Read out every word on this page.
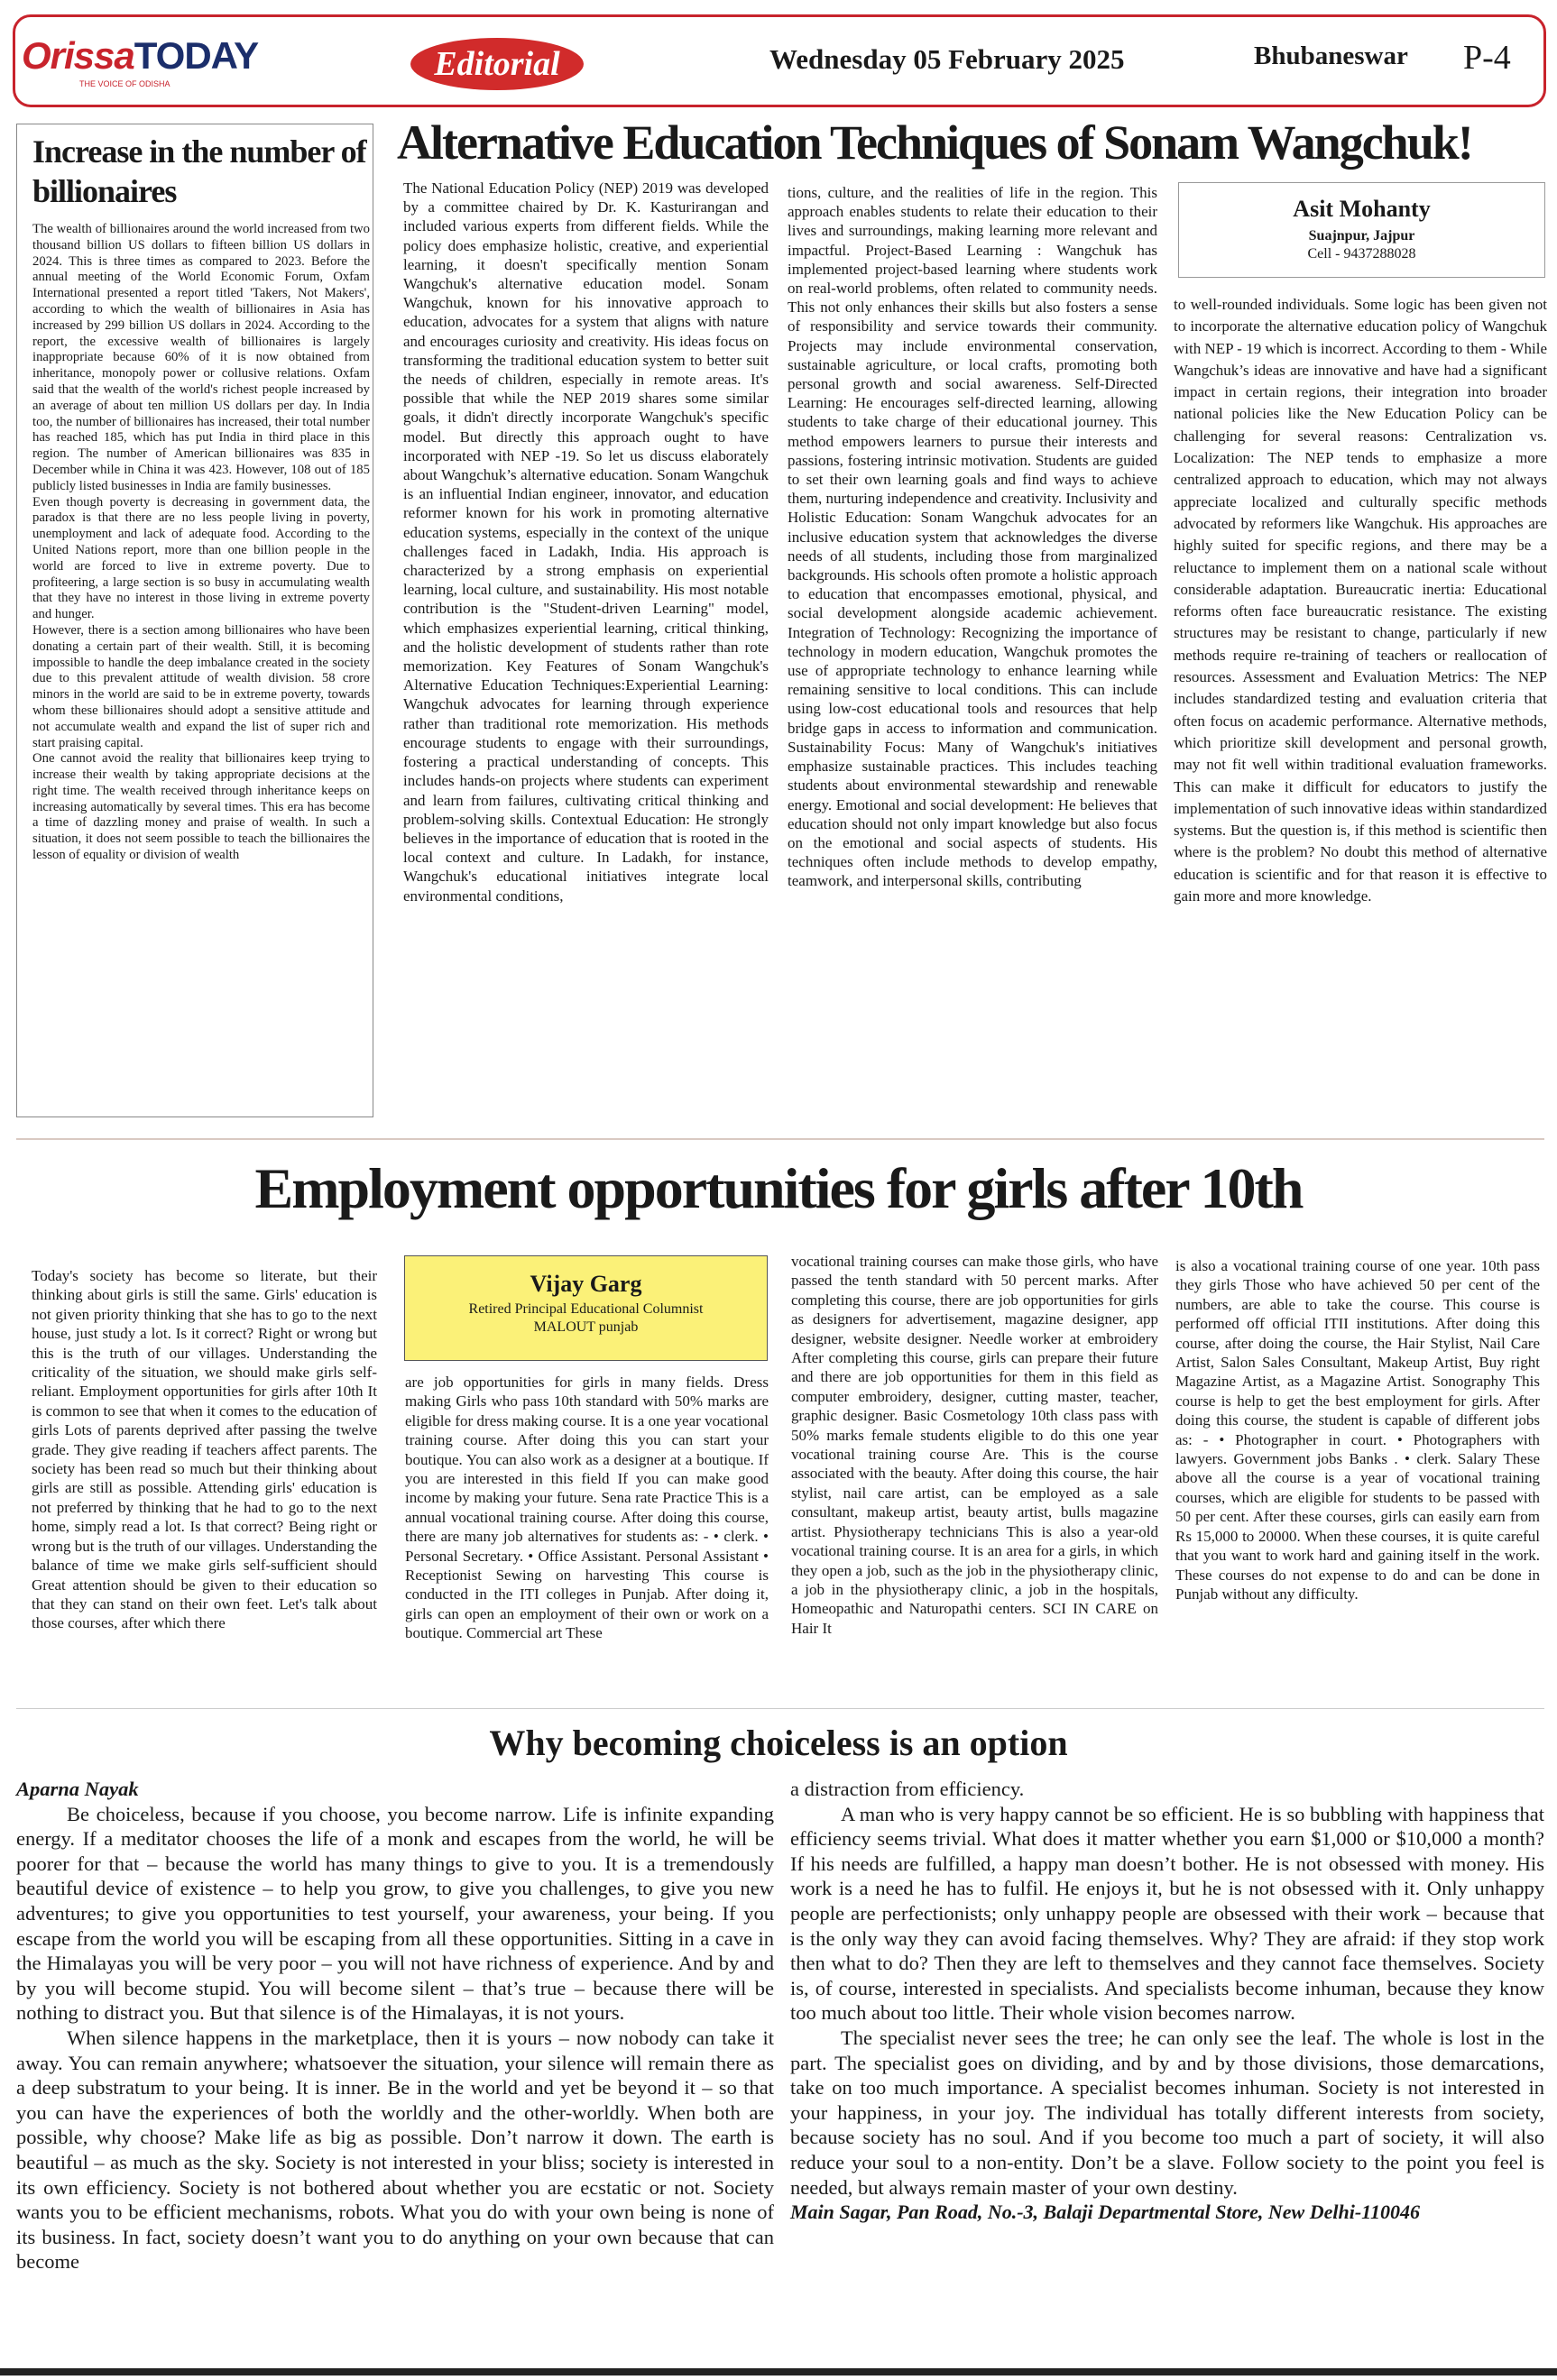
OrissaTODAY
THE VOICE OF ODISHA
Editorial	Wednesday 05 February 2025	Bhubaneswar P-4
Increase in the number of billionaires

The wealth of billionaires around the world increased from two thousand billion US dollars to fifteen billion US dollars in 2024. This is three times as compared to 2023. Before the annual meeting of the World Economic Forum, Oxfam International presented a report titled 'Takers, Not Makers', according to which the wealth of billionaires in Asia has increased by 299 billion US dollars in 2024. According to the report, the excessive wealth of billionaires is largely inappropriate because 60% of it is now obtained from inheritance, monopoly power or collusive relations. Oxfam said that the wealth of the world's richest people increased by an average of about ten million US dollars per day. In India too, the number of billionaires has increased, their total number has reached 185, which has put India in third place in this region. The number of American billionaires was 835 in December while in China it was 423. However, 108 out of 185 publicly listed businesses in India are family businesses.

Even though poverty is decreasing in government data, the paradox is that there are no less people living in poverty, unemployment and lack of adequate food. According to the United Nations report, more than one billion people in the world are forced to live in extreme poverty. Due to profiteering, a large section is so busy in accumulating wealth that they have no interest in those living in extreme poverty and hunger.

However, there is a section among billionaires who have been donating a certain part of their wealth. Still, it is becoming impossible to handle the deep imbalance created in the society due to this prevalent attitude of wealth division. 58 crore minors in the world are said to be in extreme poverty, towards whom these billionaires should adopt a sensitive attitude and not accumulate wealth and expand the list of super rich and start praising capital.

One cannot avoid the reality that billionaires keep trying to increase their wealth by taking appropriate decisions at the right time. The wealth received through inheritance keeps on increasing automatically by several times. This era has become a time of dazzling money and praise of wealth. In such a situation, it does not seem possible to teach the billionaires the lesson of equality or division of wealth

Alternative Education Techniques of Sonam Wangchuk!
The National Education Policy (NEP) 2019 was developed by a committee chaired by Dr. K. Kasturirangan and included various experts from different fields. While the policy does emphasize holistic, creative, and experiential learning, it doesn't specifically mention Sonam Wangchuk's alternative education model. Sonam Wangchuk, known for his innovative approach to education, advocates for a system that aligns with nature and encourages curiosity and creativity. His ideas focus on transforming the traditional education system to better suit the needs of children, especially in remote areas. It's possible that while the NEP 2019 shares some similar goals, it didn't directly incorporate Wangchuk's specific model. But directly this approach ought to have incorporated with NEP -19. So let us discuss elaborately about Wangchuk’s alternative education. Sonam Wangchuk is an influential Indian engineer, innovator, and education reformer known for his work in promoting alternative education systems, especially in the context of the unique challenges faced in Ladakh, India. His approach is characterized by a strong emphasis on experiential learning, local culture, and sustainability. His most notable contribution is the "Student-driven Learning" model, which emphasizes experiential learning, critical thinking, and the holistic development of students rather than rote memorization. Key Features of Sonam Wangchuk's Alternative Education Techniques:Experiential Learning: Wangchuk advocates for learning through experience rather than traditional rote memorization. His methods encourage students to engage with their surroundings, fostering a practical understanding of concepts. This includes hands-on projects where students can experiment and learn from failures, cultivating critical thinking and problem-solving skills. Contextual Education: He strongly believes in the importance of education that is rooted in the local context and culture. In Ladakh, for instance, Wangchuk's educational initiatives integrate local environmental conditions,
tions, culture, and the realities of life in the region. This approach enables students to relate their education to their lives and surroundings, making learning more relevant and impactful. Project-Based Learning : Wangchuk has implemented project-based learning where students work on real-world problems, often related to community needs. This not only enhances their skills but also fosters a sense of responsibility and service towards their community. Projects may include environmental conservation, sustainable agriculture, or local crafts, promoting both personal growth and social awareness. Self-Directed Learning: He encourages self-directed learning, allowing students to take charge of their educational journey. This method empowers learners to pursue their interests and passions, fostering intrinsic motivation. Students are guided to set their own learning goals and find ways to achieve them, nurturing independence and creativity. Inclusivity and Holistic Education: Sonam Wangchuk advocates for an inclusive education system that acknowledges the diverse needs of all students, including those from marginalized backgrounds. His schools often promote a holistic approach to education that encompasses emotional, physical, and social development alongside academic achievement. Integration of Technology: Recognizing the importance of technology in modern education, Wangchuk promotes the use of appropriate technology to enhance learning while remaining sensitive to local conditions. This can include using low-cost educational tools and resources that help bridge gaps in access to information and communication. Sustainability Focus: Many of Wangchuk's initiatives emphasize sustainable practices. This includes teaching students about environmental stewardship and renewable energy. Emotional and social development: He believes that education should not only impart knowledge but also focus on the emotional and social aspects of students. His techniques often include methods to develop empathy, teamwork, and interpersonal skills, contributing
Asit Mohanty
Suajnpur, Jajpur
Cell - 9437288028
to well-rounded individuals. Some logic has been given not to incorporate the alternative education policy of Wangchuk with NEP - 19 which is incorrect. According to them - While Wangchuk’s ideas are innovative and have had a significant impact in certain regions, their integration into broader national policies like the New Education Policy can be challenging for several reasons: Centralization vs. Localization: The NEP tends to emphasize a more centralized approach to education, which may not always appreciate localized and culturally specific methods advocated by reformers like Wangchuk. His approaches are highly suited for specific regions, and there may be a reluctance to implement them on a national scale without considerable adaptation. Bureaucratic inertia: Educational reforms often face bureaucratic resistance. The existing structures may be resistant to change, particularly if new methods require re-training of teachers or reallocation of resources. Assessment and Evaluation Metrics: The NEP includes standardized testing and evaluation criteria that often focus on academic performance. Alternative methods, which prioritize skill development and personal growth, may not fit well within traditional evaluation frameworks. This can make it difficult for educators to justify the implementation of such innovative ideas within standardized systems. But the question is, if this method is scientific then where is the problem? No doubt this method of alternative education is scientific and for that reason it is effective to gain more and more knowledge.
Employment opportunities for girls after 10th
Today's society has become so literate, but their thinking about girls is still the same. Girls' education is not given priority thinking that she has to go to the next house, just study a lot. Is it correct? Right or wrong but this is the truth of our villages. Understanding the criticality of the situation, we should make girls self-reliant. Employment opportunities for girls after 10th It is common to see that when it comes to the education of girls Lots of parents deprived after passing the twelve grade. They give reading if teachers affect parents. The society has been read so much but their thinking about girls are still as possible. Attending girls' education is not preferred by thinking that he had to go to the next home, simply read a lot. Is that correct? Being right or wrong but is the truth of our villages. Understanding the balance of time we make girls self-sufficient should Great attention should be given to their education so that they can stand on their own feet. Let's talk about those courses, after which there
Vijay Garg
Retired Principal Educational Columnist
MALOUT punjab
are job opportunities for girls in many fields. Dress making Girls who pass 10th standard with 50% marks are eligible for dress making course. It is a one year vocational training course. After doing this you can start your boutique. You can also work as a designer at a boutique. If you are interested in this field If you can make good income by making your future. Sena rate Practice This is a annual vocational training course. After doing this course, there are many job alternatives for students as: - • clerk. • Personal Secretary. • Office Assistant. Personal Assistant • Receptionist Sewing on harvesting This course is conducted in the ITI colleges in Punjab. After doing it, girls can open an employment of their own or work on a boutique. Commercial art These
vocational training courses can make those girls, who have passed the tenth standard with 50 percent marks. After completing this course, there are job opportunities for girls as designers for advertisement, magazine designer, app designer, website designer. Needle worker at embroidery After completing this course, girls can prepare their future and there are job opportunities for them in this field as computer embroidery, designer, cutting master, teacher, graphic designer. Basic Cosmetology 10th class pass with 50% marks female students eligible to do this one year vocational training course Are. This is the course associated with the beauty. After doing this course, the hair stylist, nail care artist, can be employed as a sale consultant, makeup artist, beauty artist, bulls magazine artist. Physiotherapy technicians This is also a year-old vocational training course. It is an area for a girls, in which they open a job, such as the job in the physiotherapy clinic, a job in the physiotherapy clinic, a job in the hospitals, Homeopathic and Naturopathi centers. SCI IN CARE on Hair It
is also a vocational training course of one year. 10th pass they girls Those who have achieved 50 per cent of the numbers, are able to take the course. This course is performed off official ITII institutions. After doing this course, after doing the course, the Hair Stylist, Nail Care Artist, Salon Sales Consultant, Makeup Artist, Buy right Magazine Artist, as a Magazine Artist. Sonography This course is help to get the best employment for girls. After doing this course, the student is capable of different jobs as: - • Photographer in court. • Photographers with lawyers. Government jobs Banks . • clerk. Salary These above all the course is a year of vocational training courses, which are eligible for students to be passed with 50 per cent. After these courses, girls can easily earn from Rs 15,000 to 20000. When these courses, it is quite careful that you want to work hard and gaining itself in the work. These courses do not expense to do and can be done in Punjab without any difficulty.
Why becoming choiceless is an option

Aparna Nayak

Be choiceless, because if you choose, you become narrow. Life is infinite expanding energy. If a meditator chooses the life of a monk and escapes from the world, he will be poorer for that – because the world has many things to give to you. It is a tremendously beautiful device of existence – to help you grow, to give you challenges, to give you new adventures; to give you opportunities to test yourself, your awareness, your being. If you escape from the world you will be escaping from all these opportunities. Sitting in a cave in the Himalayas you will be very poor – you will not have richness of experience. And by and by you will become stupid. You will become silent – that’s true – because there will be nothing to distract you. But that silence is of the Himalayas, it is not yours.

When silence happens in the marketplace, then it is yours – now nobody can take it away. You can remain anywhere; whatsoever the situation, your silence will remain there as a deep substratum to your being. It is inner. Be in the world and yet be beyond it – so that you can have the experiences of both the worldly and the other-worldly. When both are possible, why choose? Make life as big as possible. Don’t narrow it down. The earth is beautiful – as much as the sky. Society is not interested in your bliss; society is interested in its own efficiency. Society is not bothered about whether you are ecstatic or not. Society wants you to be efficient mechanisms, robots. What you do with your own being is none of its business. In fact, society doesn’t want you to do anything on your own because that can become

a distraction from efficiency.

A man who is very happy cannot be so efficient. He is so bubbling with happiness that efficiency seems trivial. What does it matter whether you earn $1,000 or $10,000 a month? If his needs are fulfilled, a happy man doesn’t bother. He is not obsessed with money. His work is a need he has to fulfil. He enjoys it, but he is not obsessed with it. Only unhappy people are perfectionists; only unhappy people are obsessed with their work – because that is the only way they can avoid facing themselves. Why? They are afraid: if they stop work then what to do? Then they are left to themselves and they cannot face themselves. Society is, of course, interested in specialists. And specialists become inhuman, because they know too much about too little. Their whole vision becomes narrow.

The specialist never sees the tree; he can only see the leaf. The whole is lost in the part. The specialist goes on dividing, and by and by those divisions, those demarcations, take on too much importance. A specialist becomes inhuman. Society is not interested in your happiness, in your joy. The individual has totally different interests from society, because society has no soul. And if you become too much a part of society, it will also reduce your soul to a non-entity. Don’t be a slave. Follow society to the point you feel is needed, but always remain master of your own destiny.

Main Sagar, Pan Road, No.-3, Balaji Departmental Store, New Delhi-110046
